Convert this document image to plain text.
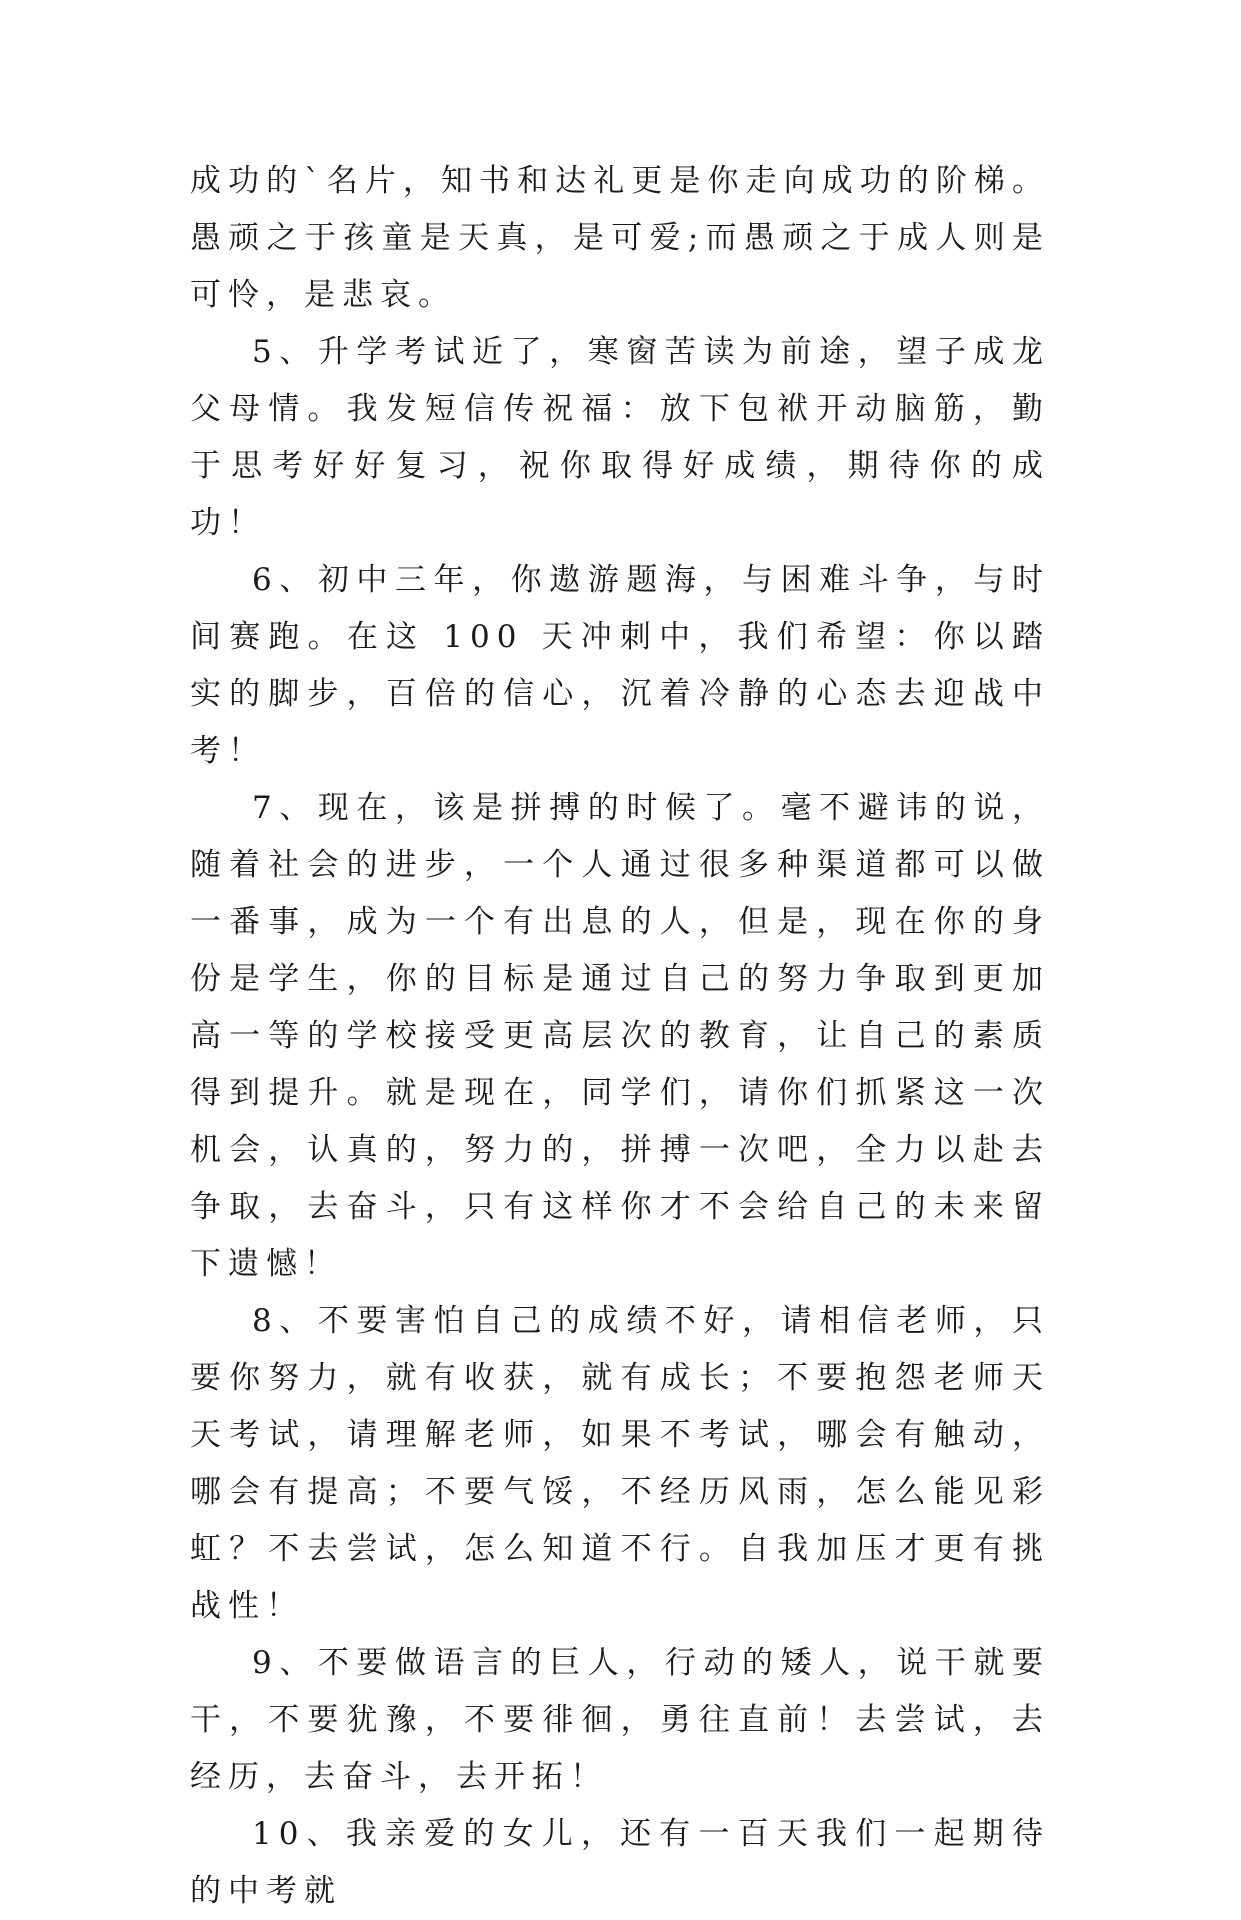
成功的`名片，知书和达礼更是你走向成功的阶梯。愚顽之于孩童是天真，是可爱;而愚顽之于成人则是可怜，是悲哀。

5、升学考试近了，寒窗苦读为前途，望子成龙父母情。我发短信传祝福：放下包袱开动脑筋，勤于思考好好复习，祝你取得好成绩，期待你的成功！

6、初中三年，你遨游题海，与困难斗争，与时间赛跑。在这 100 天冲刺中，我们希望：你以踏实的脚步，百倍的信心，沉着冷静的心态去迎战中考！

7、现在，该是拼搏的时候了。毫不避讳的说，随着社会的进步，一个人通过很多种渠道都可以做一番事，成为一个有出息的人，但是，现在你的身份是学生，你的目标是通过自己的努力争取到更加高一等的学校接受更高层次的教育，让自己的素质得到提升。就是现在，同学们，请你们抓紧这一次机会，认真的，努力的，拼搏一次吧，全力以赴去争取，去奋斗，只有这样你才不会给自己的未来留下遗憾！

8、不要害怕自己的成绩不好，请相信老师，只要你努力，就有收获，就有成长；不要抱怨老师天天考试，请理解老师，如果不考试，哪会有触动，哪会有提高；不要气馁，不经历风雨，怎么能见彩虹？不去尝试，怎么知道不行。自我加压才更有挑战性！

9、不要做语言的巨人，行动的矮人，说干就要干，不要犹豫，不要徘徊，勇往直前！去尝试，去经历，去奋斗，去开拓！

10、我亲爱的女儿，还有一百天我们一起期待的中考就
